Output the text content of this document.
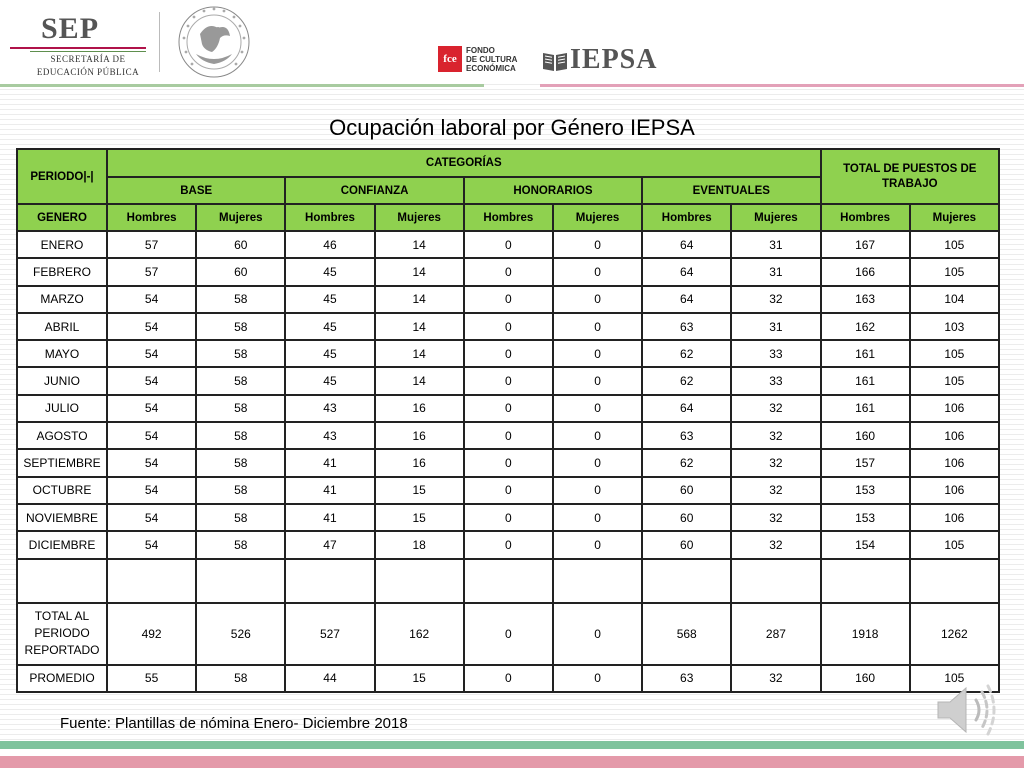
SEP
SECRETARÍA DE
EDUCACIÓN PÚBLICA
fce
FONDO
DE CULTURA
ECONÓMICA IEPSA
Ocupación laboral por Género IEPSA
PERIODO|-|	CATEGORÍAS								TOTAL DE PUESTOS DE TRABAJO	
	BASE		CONFIANZA		HONORARIOS		EVENTUALES			
GENERO	Hombres	Mujeres	Hombres	Mujeres	Hombres	Mujeres	Hombres	Mujeres	Hombres	Mujeres
ENERO	57	60	46	14	0	0	64	31	167	105
FEBRERO	57	60	45	14	0	0	64	31	166	105
MARZO	54	58	45	14	0	0	64	32	163	104
ABRIL	54	58	45	14	0	0	63	31	162	103
MAYO	54	58	45	14	0	0	62	33	161	105
JUNIO	54	58	45	14	0	0	62	33	161	105
JULIO	54	58	43	16	0	0	64	32	161	106
AGOSTO	54	58	43	16	0	0	63	32	160	106
SEPTIEMBRE	54	58	41	16	0	0	62	32	157	106
OCTUBRE	54	58	41	15	0	0	60	32	153	106
NOVIEMBRE	54	58	41	15	0	0	60	32	153	106
DICIEMBRE	54	58	47	18	0	0	60	32	154	105

TOTAL AL PERIODO REPORTADO	492	526	527	162	0	0	568	287	1918	1262
PROMEDIO	55	58	44	15	0	0	63	32	160	105
Fuente: Plantillas de nómina Enero- Diciembre 2018
